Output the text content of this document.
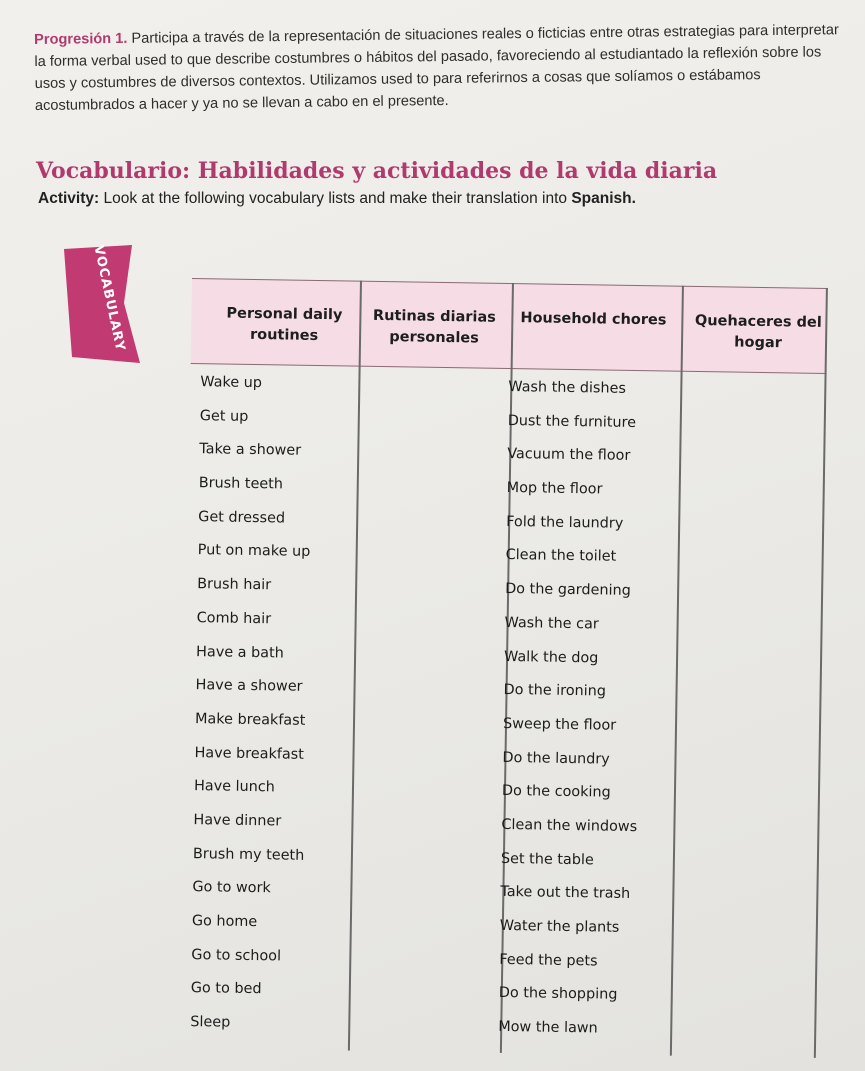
Progresión 1. Participa a través de la representación de situaciones reales o ficticias entre otras estrategias para interpretar la forma verbal used to que describe costumbres o hábitos del pasado, favoreciendo al estudiantado la reflexión sobre los usos y costumbres de diversos contextos. Utilizamos used to para referirnos a cosas que solíamos o estábamos acostumbrados a hacer y ya no se llevan a cabo en el presente.

Vocabulario: Habilidades y actividades de la vida diaria
Activity: Look at the following vocabulary lists and make their translation into Spanish.
VOCABULARY	Personal daily routines
Rutinas diarias personales
Household chores	Quehaceres del hogar
Wake up
Get up
Take a shower
Brush teeth
Get dressed
Put on make up
Brush hair
Comb hair
Have a bath
Have a shower
Make breakfast
Have breakfast
Have lunch
Have dinner
Brush my teeth
Go to work
Go home
Go to school
Go to bed
Sleep
Wash the dishes
Dust the furniture
Vacuum the floor
Mop the floor
Fold the laundry
Clean the toilet
Do the gardening
Wash the car
Walk the dog
Do the ironing
Sweep the floor
Do the laundry
Do the cooking
Clean the windows
Set the table
Take out the trash
Water the plants
Feed the pets
Do the shopping
Mow the lawn
